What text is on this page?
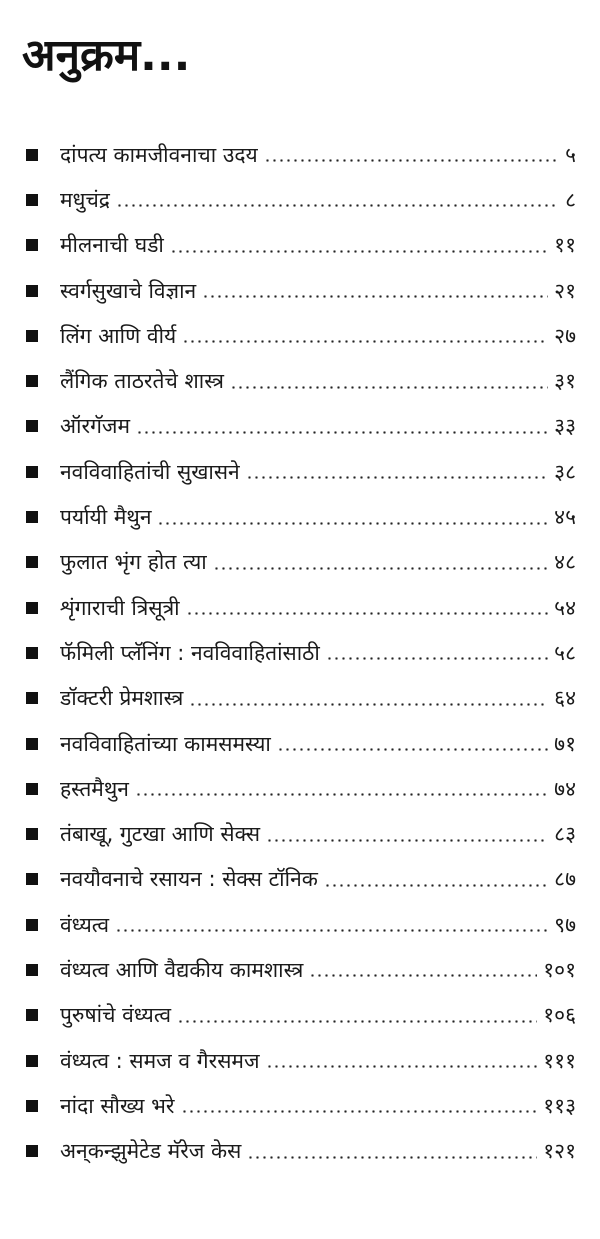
अनुक्रम...
दांपत्य कामजीवनाचा उदय	५
मधुचंद्र	८
मीलनाची घडी	११
स्वर्गसुखाचे विज्ञान	२१
लिंग आणि वीर्य	२७
लैंगिक ताठरतेचे शास्त्र	३१
ऑरगॅजम	३३
नवविवाहितांची सुखासने	३८
पर्यायी मैथुन	४५
फुलात भृंग होत त्या	४८
शृंगाराची त्रिसूत्री	५४
फॅमिली प्लॅनिंग : नवविवाहितांसाठी	५८
डॉक्टरी प्रेमशास्त्र	६४
नवविवाहितांच्या कामसमस्या	७१
हस्तमैथुन	७४
तंबाखू, गुटखा आणि सेक्स	८३
नवयौवनाचे रसायन : सेक्स टॉनिक	८७
वंध्यत्व	९७
वंध्यत्व आणि वैद्यकीय कामशास्त्र	१०१
पुरुषांचे वंध्यत्व	१०६
वंध्यत्व : समज व गैरसमज	१११
नांदा सौख्य भरे	११३
अन्‌कन्झुमेटेड मॅरेज केस	१२१
